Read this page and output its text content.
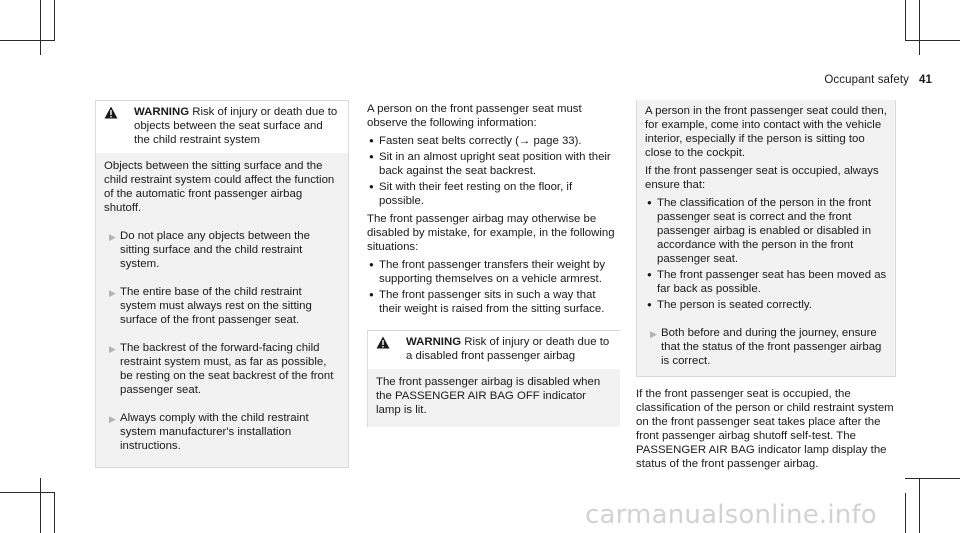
Occupant safety 41
WARNING Risk of injury or death due to objects between the seat surface and the child restraint system

Objects between the sitting surface and the child restraint system could affect the function of the automatic front passenger airbag shutoff.

▶ Do not place any objects between the sitting surface and the child restraint system.
▶ The entire base of the child restraint system must always rest on the sitting surface of the front passenger seat.
▶ The backrest of the forward-facing child restraint system must, as far as possible, be resting on the seat backrest of the front passenger seat.
▶ Always comply with the child restraint system manufacturer's installation instructions.

A person on the front passenger seat must observe the following information:

● Fasten seat belts correctly (→ page 33).
● Sit in an almost upright seat position with their back against the seat backrest.
● Sit with their feet resting on the floor, if possible.

The front passenger airbag may otherwise be disabled by mistake, for example, in the following situations:

● The front passenger transfers their weight by supporting themselves on a vehicle armrest.
● The front passenger sits in such a way that their weight is raised from the sitting surface.
WARNING Risk of injury or death due to a disabled front passenger airbag

The front passenger airbag is disabled when the PASSENGER AIR BAG OFF indicator lamp is lit.

A person in the front passenger seat could then, for example, come into contact with the vehicle interior, especially if the person is sitting too close to the cockpit.

If the front passenger seat is occupied, always ensure that:

● The classification of the person in the front passenger seat is correct and the front passenger airbag is enabled or disabled in accordance with the person in the front passenger seat.
● The front passenger seat has been moved as far back as possible.
● The person is seated correctly.
▶ Both before and during the journey, ensure that the status of the front passenger airbag is correct.

If the front passenger seat is occupied, the classification of the person or child restraint system on the front passenger seat takes place after the front passenger airbag shutoff self-test. The PASSENGER AIR BAG indicator lamp display the status of the front passenger airbag.

carmanualsonline.info
